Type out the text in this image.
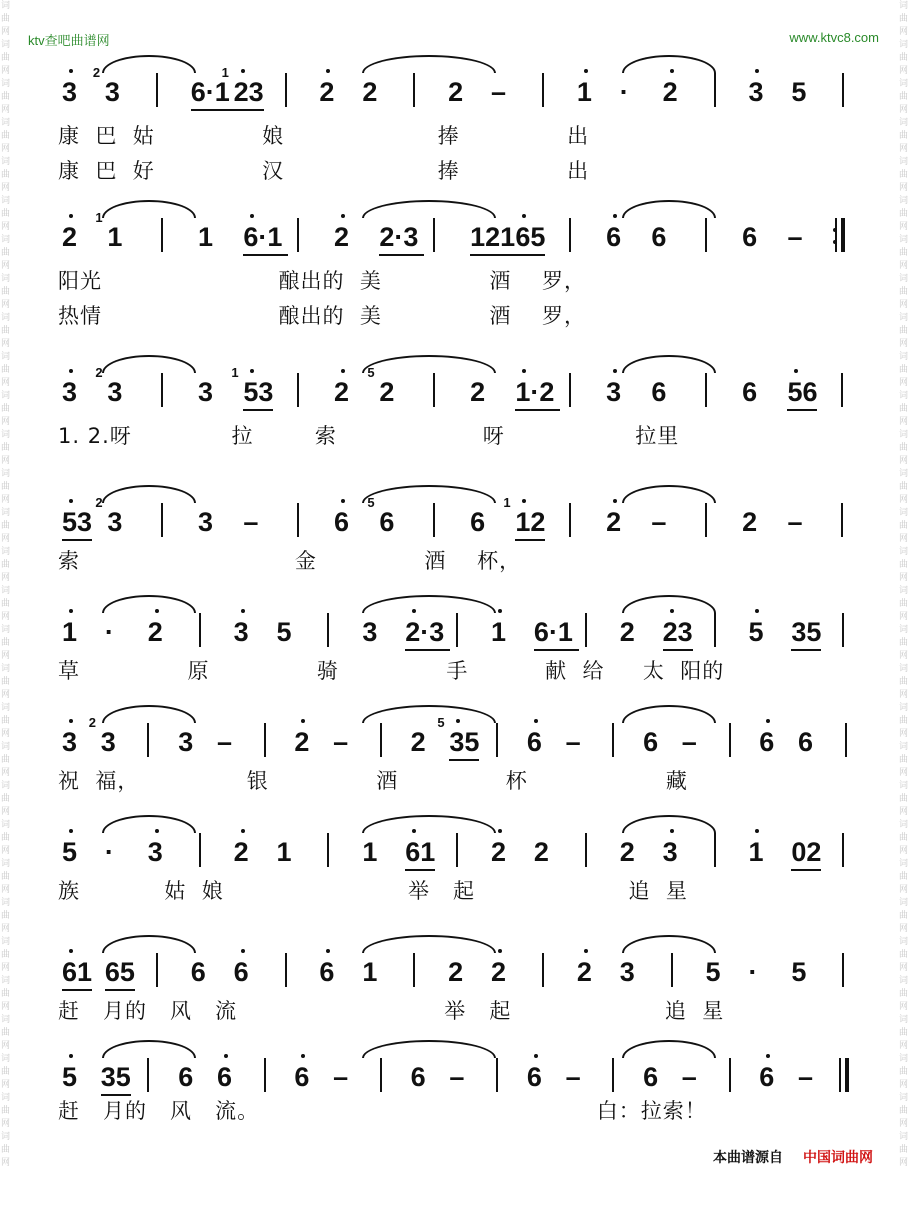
词曲网词曲网词曲网词曲网词曲网词曲网词曲网词曲网词曲网词曲网词曲网词曲网词曲网词曲网词曲网词曲网词曲网词曲网词曲网词曲网词曲网词曲网词曲网词曲网词曲网词曲网词曲网词曲网词曲网词曲网
词曲网词曲网词曲网词曲网词曲网词曲网词曲网词曲网词曲网词曲网词曲网词曲网词曲网词曲网词曲网词曲网词曲网词曲网词曲网词曲网词曲网词曲网词曲网词曲网词曲网词曲网词曲网词曲网词曲网词曲网
ktv查吧曲谱网	www.ktvc8.com
3 3
2
6·1 23
1
2 2	2 –	1 · 2	3 5
康  巴  姑              娘                    捧              出
康  巴  好              汉                    捧              出
2 1
1
1 6·1 2 2·3 121 65 6 6	6 –
阳光                       酿出的  美              酒    罗，
热情                       酿出的  美              酒    罗，
3 3
2
3 53
1
2 2
5
2 1·2 3 6	6 56
1. 2.呀             拉        索                   呀                 拉里
53 3
2
3 –	6 6
5
6 12
1
2 –	2 –
索                            金              酒    杯，
1 · 2	3 5	3 2·3 1 6·1 2 23 5 35
草              原              骑              手          献  给     太  阳的
3 3
2
3 – 2 – 2 35
5
6 – 6 – 6 6
祝  福，              银              酒              杯                  藏
5 · 3	2 1	1 61 2 2	2 3	1 02
族           姑  娘                        举   起                    追  星
61 65 6 6	6 1	2 2	2 3	5 · 5
赶   月的   风   流                           举   起                    追  星
5 35 6 6 6 – 6 – 6 – 6 – 6 –
赶   月的   风   流。                                            白：拉索！
本曲谱源自 中国词曲网
